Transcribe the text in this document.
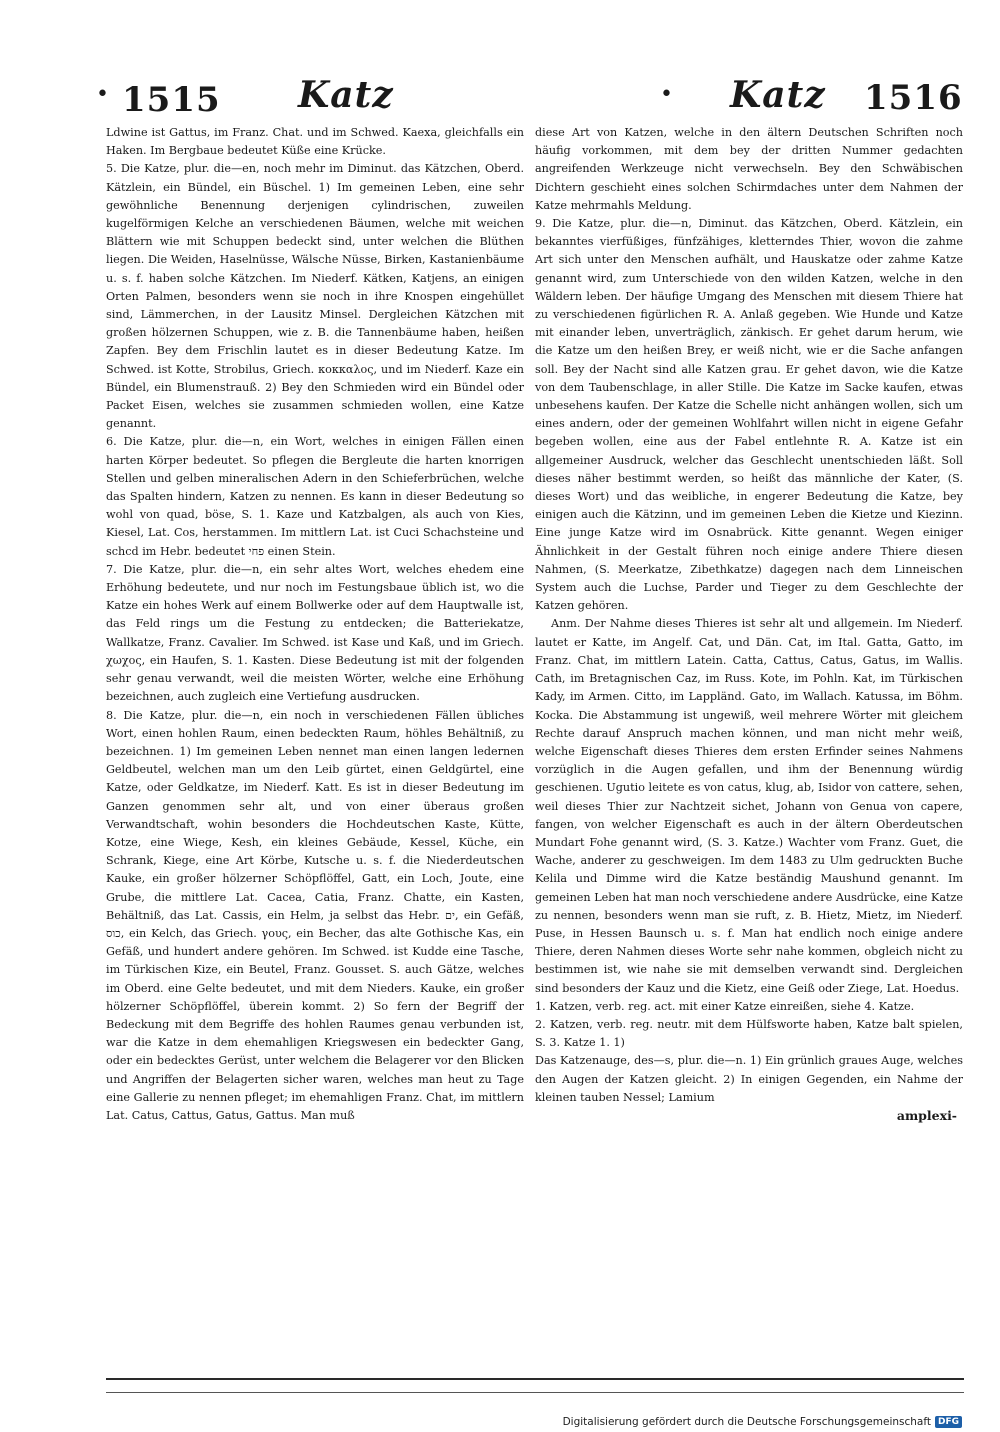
• 1515 Katz	• Katz 1516

Ldwine ist Gattus, im Franz. Chat. und im Schwed. Kaexa, gleichfalls ein Haken. Im Bergbaue bedeutet Küße eine Krücke.

5. Die Katze, plur. die—en, noch mehr im Diminut. das Kätzchen, Oberd. Kätzlein, ein Bündel, ein Büschel. 1) Im gemeinen Leben, eine sehr gewöhnliche Benennung derjenigen cylindrischen, zuweilen kugelförmigen Kelche an verschiedenen Bäumen, welche mit weichen Blättern wie mit Schuppen bedeckt sind, unter welchen die Blüthen liegen. Die Weiden, Haselnüsse, Wälsche Nüsse, Birken, Kastanienbäume u. s. f. haben solche Kätzchen. Im Niederf. Kätken, Katjens, an einigen Orten Palmen, besonders wenn sie noch in ihre Knospen eingehüllet sind, Lämmerchen, in der Lausitz Minsel. Dergleichen Kätzchen mit großen hölzernen Schuppen, wie z. B. die Tannenbäume haben, heißen Zapfen. Bey dem Frischlin lautet es in dieser Bedeutung Katze. Im Schwed. ist Kotte, Strobilus, Griech. κοκκαλος, und im Niederf. Kaze ein Bündel, ein Blumenstrauß. 2) Bey den Schmieden wird ein Bündel oder Packet Eisen, welches sie zusammen schmieden wollen, eine Katze genannt.

6. Die Katze, plur. die—n, ein Wort, welches in einigen Fällen einen harten Körper bedeutet. So pflegen die Bergleute die harten knorrigen Stellen und gelben mineralischen Adern in den Schieferbrüchen, welche das Spalten hindern, Katzen zu nennen. Es kann in dieser Bedeutung so wohl von quad, böse, S. 1. Kaze und Katzbalgen, als auch von Kies, Kiesel, Lat. Cos, herstammen. Im mittlern Lat. ist Cuci Schachsteine und schcd im Hebr. bedeutet פחי einen Stein.

7. Die Katze, plur. die—n, ein sehr altes Wort, welches ehedem eine Erhöhung bedeutete, und nur noch im Festungsbaue üblich ist, wo die Katze ein hohes Werk auf einem Bollwerke oder auf dem Hauptwalle ist, das Feld rings um die Festung zu entdecken; die Batteriekatze, Wallkatze, Franz. Cavalier. Im Schwed. ist Kase und Kaß, und im Griech. χωχος, ein Haufen, S. 1. Kasten. Diese Bedeutung ist mit der folgenden sehr genau verwandt, weil die meisten Wörter, welche eine Erhöhung bezeichnen, auch zugleich eine Vertiefung ausdrucken.

8. Die Katze, plur. die—n, ein noch in verschiedenen Fällen übliches Wort, einen hohlen Raum, einen bedeckten Raum, höhles Behältniß, zu bezeichnen. 1) Im gemeinen Leben nennet man einen langen ledernen Geldbeutel, welchen man um den Leib gürtet, einen Geldgürtel, eine Katze, oder Geldkatze, im Niederf. Katt. Es ist in dieser Bedeutung im Ganzen genommen sehr alt, und von einer überaus großen Verwandtschaft, wohin besonders die Hochdeutschen Kaste, Kütte, Kotze, eine Wiege, Kesh, ein kleines Gebäude, Kessel, Küche, ein Schrank, Kiege, eine Art Körbe, Kutsche u. s. f. die Niederdeutschen Kauke, ein großer hölzerner Schöpflöffel, Gatt, ein Loch, Joute, eine Grube, die mittlere Lat. Cacea, Catia, Franz. Chatte, ein Kasten, Behältniß, das Lat. Cassis, ein Helm, ja selbst das Hebr. ים, ein Gefäß, כוס, ein Kelch, das Griech. γους, ein Becher, das alte Gothische Kas, ein Gefäß, und hundert andere gehören. Im Schwed. ist Kudde eine Tasche, im Türkischen Kize, ein Beutel, Franz. Gousset. S. auch Gätze, welches im Oberd. eine Gelte bedeutet, und mit dem Nieders. Kauke, ein großer hölzerner Schöpflöffel, überein kommt. 2) So fern der Begriff der Bedeckung mit dem Begriffe des hohlen Raumes genau verbunden ist, war die Katze in dem ehemahligen Kriegswesen ein bedeckter Gang, oder ein bedecktes Gerüst, unter welchem die Belagerer vor den Blicken und Angriffen der Belagerten sicher waren, welches man heut zu Tage eine Gallerie zu nennen pfleget; im ehemahligen Franz. Chat, im mittlern Lat. Catus, Cattus, Gatus, Gattus. Man muß

diese Art von Katzen, welche in den ältern Deutschen Schriften noch häufig vorkommen, mit dem bey der dritten Nummer gedachten angreifenden Werkzeuge nicht verwechseln. Bey den Schwäbischen Dichtern geschieht eines solchen Schirmdaches unter dem Nahmen der Katze mehrmahls Meldung.

9. Die Katze, plur. die—n, Diminut. das Kätzchen, Oberd. Kätzlein, ein bekanntes vierfüßiges, fünfzähiges, kletterndes Thier, wovon die zahme Art sich unter den Menschen aufhält, und Hauskatze oder zahme Katze genannt wird, zum Unterschiede von den wilden Katzen, welche in den Wäldern leben. Der häufige Umgang des Menschen mit diesem Thiere hat zu verschiedenen figürlichen R. A. Anlaß gegeben. Wie Hunde und Katze mit einander leben, unverträglich, zänkisch. Er gehet darum herum, wie die Katze um den heißen Brey, er weiß nicht, wie er die Sache anfangen soll. Bey der Nacht sind alle Katzen grau. Er gehet davon, wie die Katze von dem Taubenschlage, in aller Stille. Die Katze im Sacke kaufen, etwas unbesehens kaufen. Der Katze die Schelle nicht anhängen wollen, sich um eines andern, oder der gemeinen Wohlfahrt willen nicht in eigene Gefahr begeben wollen, eine aus der Fabel entlehnte R. A. Katze ist ein allgemeiner Ausdruck, welcher das Geschlecht unentschieden läßt. Soll dieses näher bestimmt werden, so heißt das männliche der Kater, (S. dieses Wort) und das weibliche, in engerer Bedeutung die Katze, bey einigen auch die Kätzinn, und im gemeinen Leben die Kietze und Kiezinn. Eine junge Katze wird im Osnabrück. Kitte genannt. Wegen einiger Ähnlichkeit in der Gestalt führen noch einige andere Thiere diesen Nahmen, (S. Meerkatze, Zibethkatze) dagegen nach dem Linneischen System auch die Luchse, Parder und Tieger zu dem Geschlechte der Katzen gehören.

Anm. Der Nahme dieses Thieres ist sehr alt und allgemein. Im Niederf. lautet er Katte, im Angelf. Cat, und Dän. Cat, im Ital. Gatta, Gatto, im Franz. Chat, im mittlern Latein. Catta, Cattus, Catus, Gatus, im Wallis. Cath, im Bretagnischen Caz, im Russ. Kote, im Pohln. Kat, im Türkischen Kady, im Armen. Citto, im Lappländ. Gato, im Wallach. Katussa, im Böhm. Kocka. Die Abstammung ist ungewiß, weil mehrere Wörter mit gleichem Rechte darauf Anspruch machen können, und man nicht mehr weiß, welche Eigenschaft dieses Thieres dem ersten Erfinder seines Nahmens vorzüglich in die Augen gefallen, und ihm der Benennung würdig geschienen. Ugutio leitete es von catus, klug, ab, Isidor von cattere, sehen, weil dieses Thier zur Nachtzeit sichet, Johann von Genua von capere, fangen, von welcher Eigenschaft es auch in der ältern Oberdeutschen Mundart Fohe genannt wird, (S. 3. Katze.) Wachter vom Franz. Guet, die Wache, anderer zu geschweigen. Im dem 1483 zu Ulm gedruckten Buche Kelila und Dimme wird die Katze beständig Maushund genannt. Im gemeinen Leben hat man noch verschiedene andere Ausdrücke, eine Katze zu nennen, besonders wenn man sie ruft, z. B. Hietz, Mietz, im Niederf. Puse, in Hessen Baunsch u. s. f. Man hat endlich noch einige andere Thiere, deren Nahmen dieses Worte sehr nahe kommen, obgleich nicht zu bestimmen ist, wie nahe sie mit demselben verwandt sind. Dergleichen sind besonders der Kauz und die Kietz, eine Geiß oder Ziege, Lat. Hoedus.

1. Katzen, verb. reg. act. mit einer Katze einreißen, siehe 4. Katze.

2. Katzen, verb. reg. neutr. mit dem Hülfsworte haben, Katze balt spielen, S. 3. Katze 1. 1)

Das Katzenauge, des—s, plur. die—n. 1) Ein grünlich graues Auge, welches den Augen der Katzen gleicht. 2) In einigen Gegenden, ein Nahme der kleinen tauben Nessel; Lamium

amplexi-

Digitalisierung gefördert durch die Deutsche Forschungsgemeinschaft DFG
